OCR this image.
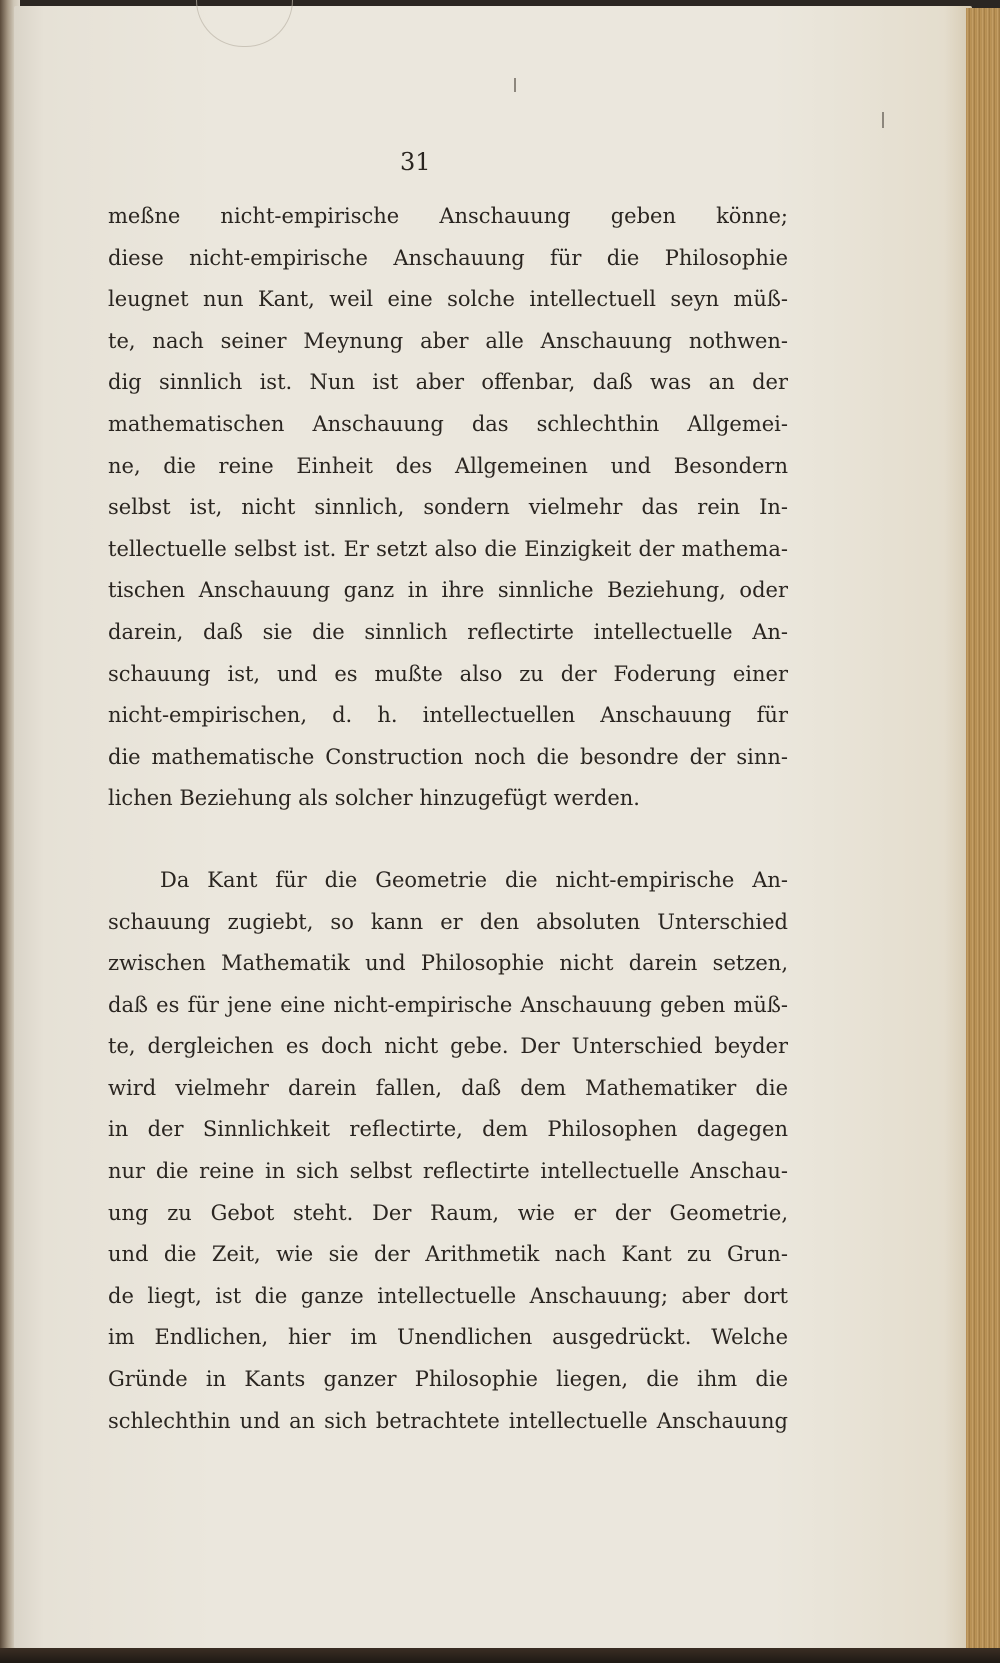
31
meßne nicht-empirische Anschauung geben könne;
diese nicht-empirische Anschauung für die Philosophie
leugnet nun Kant, weil eine solche intellectuell seyn müß-
te, nach seiner Meynung aber alle Anschauung nothwen-
dig sinnlich ist. Nun ist aber offenbar, daß was an der
mathematischen Anschauung das schlechthin Allgemei-
ne, die reine Einheit des Allgemeinen und Besondern
selbst ist, nicht sinnlich, sondern vielmehr das rein In-
tellectuelle selbst ist. Er setzt also die Einzigkeit der mathema-
tischen Anschauung ganz in ihre sinnliche Beziehung, oder
darein, daß sie die sinnlich reflectirte intellectuelle An-
schauung ist, und es mußte also zu der Foderung einer
nicht-empirischen, d. h. intellectuellen Anschauung für
die mathematische Construction noch die besondre der sinn-
lichen Beziehung als solcher hinzugefügt werden.
Da Kant für die Geometrie die nicht-empirische An-
schauung zugiebt, so kann er den absoluten Unterschied
zwischen Mathematik und Philosophie nicht darein setzen,
daß es für jene eine nicht-empirische Anschauung geben müß-
te, dergleichen es doch nicht gebe. Der Unterschied beyder
wird vielmehr darein fallen, daß dem Mathematiker die
in der Sinnlichkeit reflectirte, dem Philosophen dagegen
nur die reine in sich selbst reflectirte intellectuelle Anschau-
ung zu Gebot steht. Der Raum, wie er der Geometrie,
und die Zeit, wie sie der Arithmetik nach Kant zu Grun-
de liegt, ist die ganze intellectuelle Anschauung; aber dort
im Endlichen, hier im Unendlichen ausgedrückt. Welche
Gründe in Kants ganzer Philosophie liegen, die ihm die
schlechthin und an sich betrachtete intellectuelle Anschauung
